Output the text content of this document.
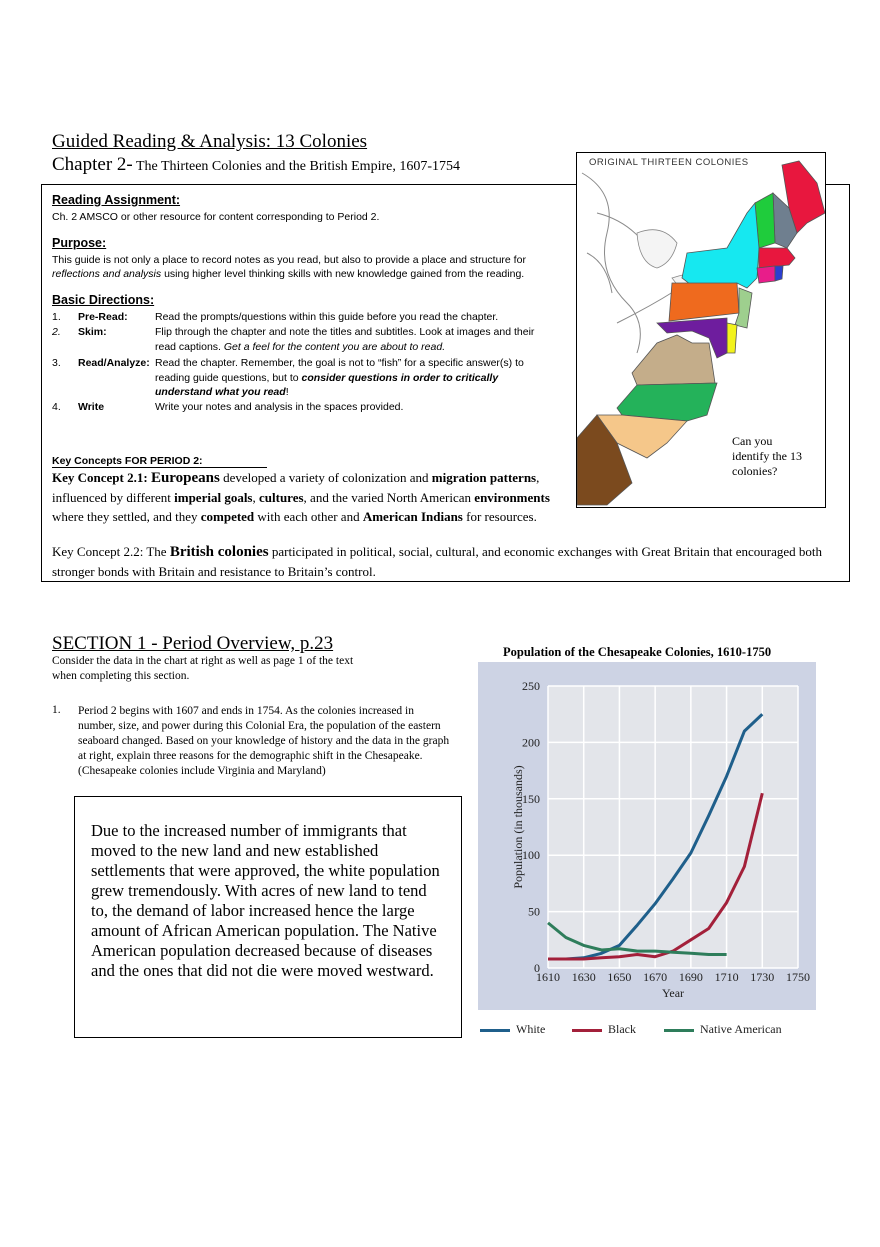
Guided Reading & Analysis: 13 Colonies
Chapter 2- The Thirteen Colonies and the British Empire, 1607-1754
Reading Assignment:
Ch. 2 AMSCO or other resource for content corresponding to Period 2.
Purpose:
This guide is not only a place to record notes as you read, but also to provide a place and structure for
reflections and analysis using higher level thinking skills with new knowledge gained from the reading.
Basic Directions:
1.	Pre-Read:	Read the prompts/questions within this guide before you read the chapter.
2.	Skim:	Flip through the chapter and note the titles and subtitles. Look at images and their read captions. Get a feel for the content you are about to read.
3.	Read/Analyze: Read the chapter. Remember, the goal is not to “fish” for a specific answer(s) to reading guide questions, but to consider questions in order to critically understand what you read!
4.	Write	Write your notes and analysis in the spaces provided.
Key Concepts FOR PERIOD 2:
Key Concept 2.1: Europeans developed a variety of colonization and migration patterns, influenced by different imperial goals, cultures, and the varied North American environments where they settled, and they competed with each other and American Indians for resources.
Key Concept 2.2: The British colonies participated in political, social, cultural, and economic exchanges with Great Britain that encouraged both stronger bonds with Britain and resistance to Britain’s control.
ORIGINAL THIRTEEN COLONIES
Can you identify the 13 colonies?
SECTION 1 - Period Overview, p.23
Consider the data in the chart at right as well as page 1 of the text when completing this section.
1. Period 2 begins with 1607 and ends in 1754. As the colonies increased in number, size, and power during this Colonial Era, the population of the eastern seaboard changed. Based on your knowledge of history and the data in the graph at right, explain three reasons for the demographic shift in the Chesapeake. (Chesapeake colonies include Virginia and Maryland)
Due to the increased number of immigrants that moved to the new land and new established settlements that were approved, the white population grew tremendously. With acres of new land to tend to, the demand of labor increased hence the large amount of African American population. The Native American population decreased because of diseases and the ones that did not die were moved westward.
Population of the Chesapeake Colonies, 1610-1750
0
50
100
150
200
250
1610 1630 1650 1670 1690 1710 1730 1750
Year
Population (in thousands)
White	Black	Native American
